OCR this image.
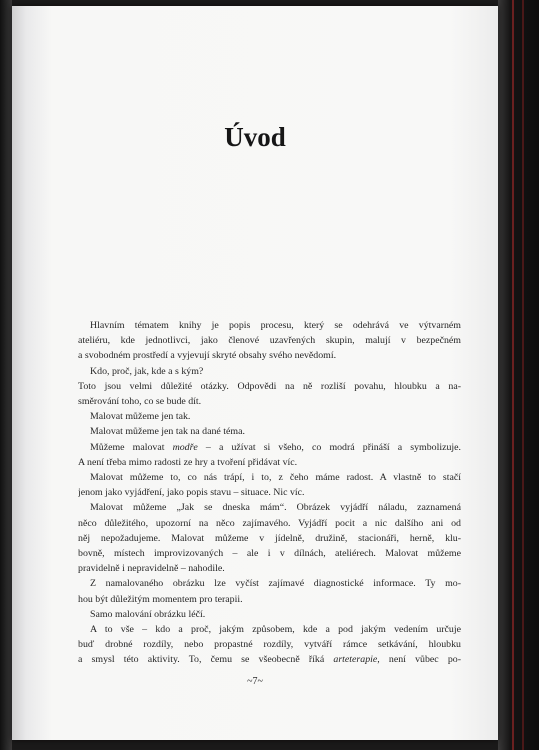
Úvod
Hlavním tématem knihy je popis procesu, který se odehrává ve výtvarném
ateliéru, kde jednotlivci, jako členové uzavřených skupin, malují v bezpečném
a svobodném prostředí a vyjevují skryté obsahy svého nevědomí.
Kdo, proč, jak, kde a s kým?
Toto jsou velmi důležité otázky. Odpovědi na ně rozliší povahu, hloubku a na-
směrování toho, co se bude dít.
Malovat můžeme jen tak.
Malovat můžeme jen tak na dané téma.
Můžeme malovat modře – a užívat si všeho, co modrá přináší a symbolizuje.
A není třeba mimo radosti ze hry a tvoření přidávat víc.
Malovat můžeme to, co nás trápí, i to, z čeho máme radost. A vlastně to stačí
jenom jako vyjádření, jako popis stavu – situace. Nic víc.
Malovat můžeme „Jak se dneska mám“. Obrázek vyjádří náladu, zaznamená
něco důležitého, upozorní na něco zajímavého. Vyjádří pocit a nic dalšího ani od
něj nepožadujeme. Malovat můžeme v jídelně, družině, stacionáři, herně, klu-
bovně, místech improvizovaných – ale i v dílnách, ateliérech. Malovat můžeme
pravidelně i nepravidelně – nahodile.
Z namalovaného obrázku lze vyčíst zajímavé diagnostické informace. Ty mo-
hou být důležitým momentem pro terapii.
Samo malování obrázku léčí.
A to vše – kdo a proč, jakým způsobem, kde a pod jakým vedením určuje
buď drobné rozdíly, nebo propastné rozdíly, vytváří rámce setkávání, hloubku
a smysl této aktivity. To, čemu se všeobecně říká arteterapie, není vůbec po-
~7~
